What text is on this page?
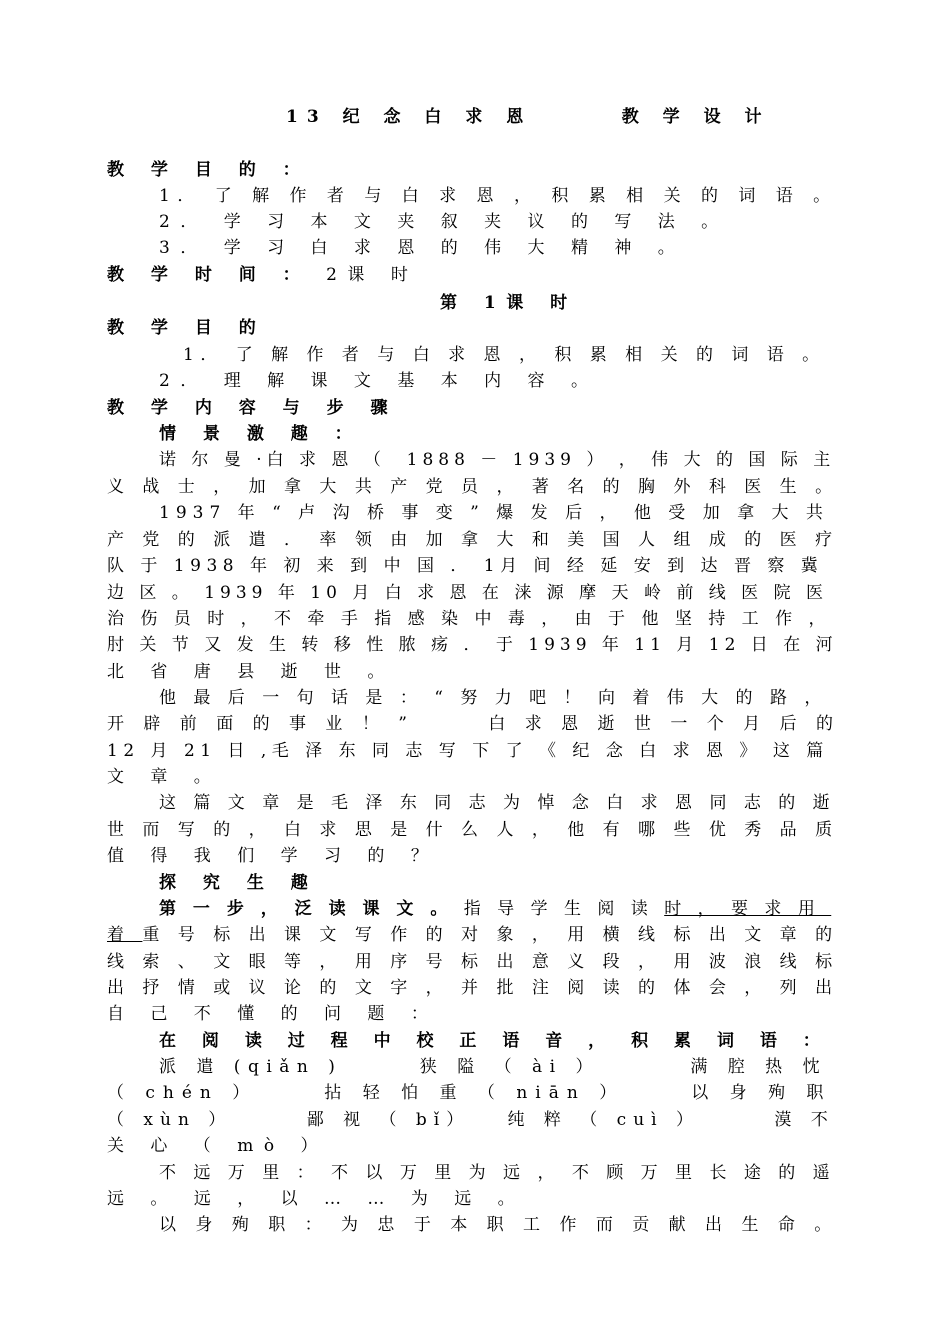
13 纪 念 白 求 恩      教 学 设 计
教 学 目 的 ：
1． 了 解 作 者 与 白 求 恩 ， 积 累 相 关 的 词 语 。
2． 学 习 本 文 夹 叙 夹 议 的 写 法 。
3． 学 习 白 求 恩 的 伟 大 精 神 。
教 学 时 间 ： 2课 时
第 1课 时
教 学 目 的
1． 了 解 作 者 与 白 求 恩 ， 积 累 相 关 的 词 语 。
2． 理 解 课 文 基 本 内 容 。
教 学 内 容 与 步 骤
情 景 激 趣 ：
诺 尔 曼 ·白 求 恩 （  1888 － 1939 ） ， 伟 大 的 国 际 主
义 战 士 ， 加 拿 大 共 产 党 员 ， 著 名 的 胸 外 科 医 生 。
1937 年 “ 卢 沟 桥 事 变 ” 爆 发 后 ， 他 受 加 拿 大 共
产 党 的 派 遣 ． 率 领 由 加 拿 大 和 美 国 人 组 成 的 医 疗
队 于 1938 年 初 来 到 中 国 ． 1月 间 经 延 安 到 达 晋 察 冀
边 区 。 1939 年 10 月 白 求 恩 在 涞 源 摩 天 岭 前 线 医 院 医
治 伤 员 时 ， 不 牵 手 指 感 染 中 毒 ， 由 于 他 坚 持 工 作 ，
肘 关 节 又 发 生 转 移 性 脓 疡 ． 于 1939 年 11 月 12 日 在 河
北 省 唐 县 逝 世 。
他 最 后 一 句 话 是 ： “ 努 力 吧 ！ 向 着 伟 大 的 路 ，
开 辟 前 面 的 事 业 ！ ”      白 求 恩 逝 世 一 个 月 后 的
12 月 21 日 ,毛 泽 东 同 志 写 下 了 《 纪 念 白 求 恩 》 这 篇
文 章 。
这 篇 文 章 是 毛 泽 东 同 志 为 悼 念 白 求 恩 同 志 的 逝
世 而 写 的 ， 白 求 思 是 什 么 人 ， 他 有 哪 些 优 秀 品 质
值 得 我 们 学 习 的 ？
探 究 生 趣
第 一 步 ， 泛 读 课 文 。 指 导 学 生 阅 读 时 ， 要 求 用
着 重 号 标 出 课 文 写 作 的 对 象 ， 用 横 线 标 出 文 章 的
线 索 、 文 眼 等 ， 用 序 号 标 出 意 义 段 ， 用 波 浪 线 标
出 抒 情 或 议 论 的 文 字 ， 并 批 注 阅 读 的 体 会 ， 列 出
自 己 不 懂 的 问 题 ：
在 阅 读 过 程 中 校 正 语 音 ， 积 累 词 语 ：
派 遣 (qiǎn )      狭 隘 （ ài ）       满 腔 热 忱
（ chén ）     拈 轻 怕 重 （ niān ）     以 身 殉 职
（ xùn ）      鄙 视 （ bǐ）   纯 粹 （ cuì ）      漠 不
关 心 （ mò ）
不 远 万 里 ： 不 以 万 里 为 远 ， 不 顾 万 里 长 途 的 遥
远 。 远 ， 以 … … 为 远 。
以 身 殉 职 ： 为 忠 于 本 职 工 作 而 贡 献 出 生 命 。
